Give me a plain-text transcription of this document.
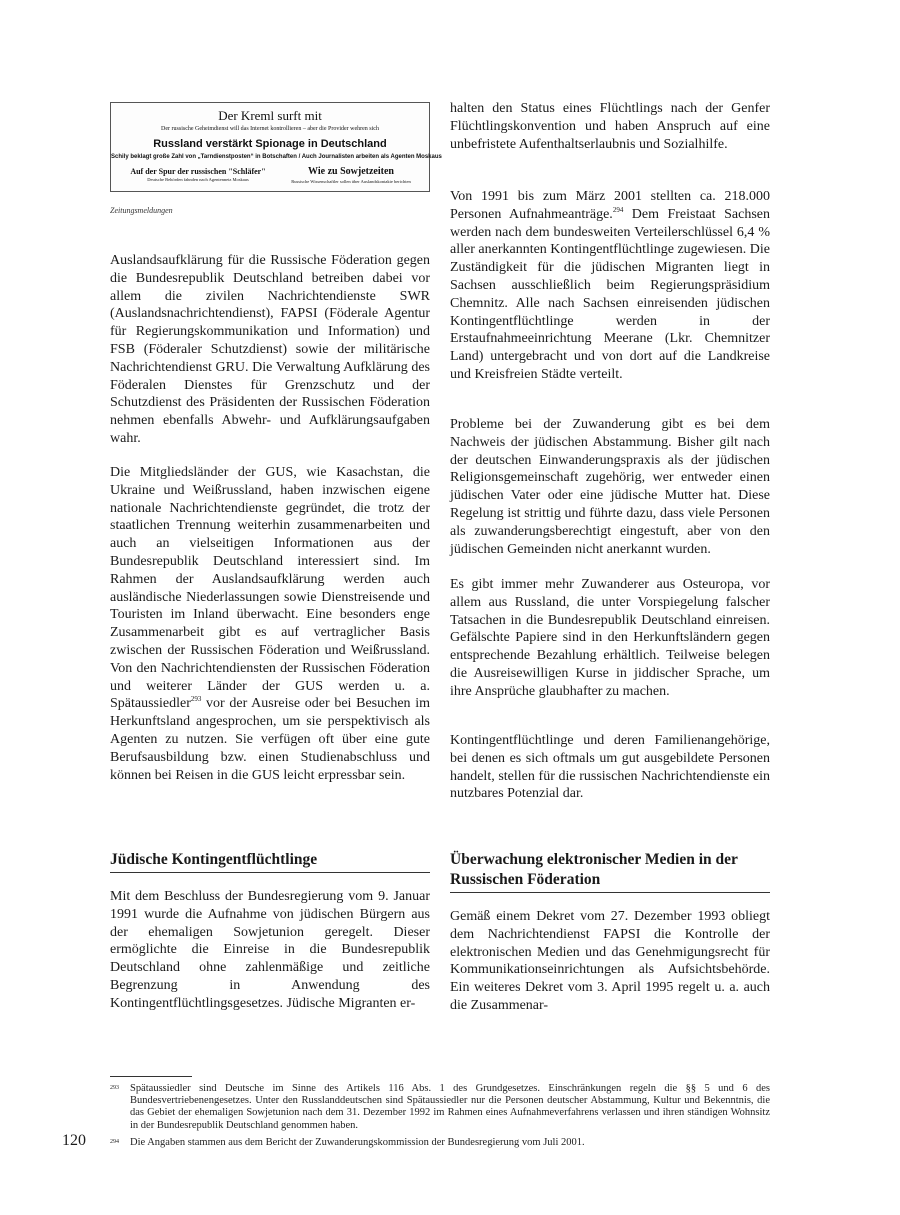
Der Kreml surft mit

Der russische Geheimdienst will das Internet kontrollieren – aber die Provider wehren sich

Russland verstärkt Spionage in Deutschland

Schily beklagt große Zahl von „Tarndienstposten“ in Botschaften / Auch Journalisten arbeiten als Agenten Moskaus

Auf der Spur der russischen "Schläfer"

Deutsche Behörden fahnden nach Agentennetz Moskaus

Wie zu Sowjetzeiten

Russische Wissenschaftler sollen über Auslandskontakte berichten

Zeitungsmeldungen

Auslandsaufklärung für die Russische Föderation gegen die Bundesrepublik Deutschland betreiben dabei vor allem die zivilen Nachrichtendienste SWR (Auslandsnachrichtendienst), FAPSI (Föderale Agentur für Regierungskommunikation und Information) und FSB (Föderaler Schutzdienst) sowie der militärische Nachrichtendienst GRU. Die Verwaltung Aufklärung des Föderalen Dienstes für Grenzschutz und der Schutzdienst des Präsidenten der Russischen Föderation nehmen ebenfalls Abwehr- und Aufklärungsaufgaben wahr.

Die Mitgliedsländer der GUS, wie Kasachstan, die Ukraine und Weißrussland, haben inzwischen eigene nationale Nachrichtendienste gegründet, die trotz der staatlichen Trennung weiterhin zusammenarbeiten und auch an vielseitigen Informationen aus der Bundesrepublik Deutschland interessiert sind. Im Rahmen der Auslandsaufklärung werden auch ausländische Niederlassungen sowie Dienstreisende und Touristen im Inland überwacht. Eine besonders enge Zusammenarbeit gibt es auf vertraglicher Basis zwischen der Russischen Föderation und Weißrussland. Von den Nachrichtendiensten der Russischen Föderation und weiterer Länder der GUS werden u. a. Spätaussiedler$^{293}$ vor der Ausreise oder bei Besuchen im Herkunftsland angesprochen, um sie perspektivisch als Agenten zu nutzen. Sie verfügen oft über eine gute Berufsausbildung bzw. einen Studienabschluss und können bei Reisen in die GUS leicht erpressbar sein.

Jüdische Kontingentflüchtlinge

Mit dem Beschluss der Bundesregierung vom 9. Januar 1991 wurde die Aufnahme von jüdischen Bürgern aus der ehemaligen Sowjetunion geregelt. Dieser ermöglichte die Einreise in die Bundesrepublik Deutschland ohne zahlenmäßige und zeitliche Begrenzung in Anwendung des Kontingentflüchtlingsgesetzes. Jüdische Migranten er-

halten den Status eines Flüchtlings nach der Genfer Flüchtlingskonvention und haben Anspruch auf eine unbefristete Aufenthaltserlaubnis und Sozialhilfe.

Von 1991 bis zum März 2001 stellten ca. 218.000 Personen Aufnahmeanträge.$^{294}$ Dem Freistaat Sachsen werden nach dem bundesweiten Verteilerschlüssel 6,4 % aller anerkannten Kontingentflüchtlinge zugewiesen. Die Zuständigkeit für die jüdischen Migranten liegt in Sachsen ausschließlich beim Regierungspräsidium Chemnitz. Alle nach Sachsen einreisenden jüdischen Kontingentflüchtlinge werden in der Erstaufnahmeeinrichtung Meerane (Lkr. Chemnitzer Land) untergebracht und von dort auf die Landkreise und Kreisfreien Städte verteilt.

Probleme bei der Zuwanderung gibt es bei dem Nachweis der jüdischen Abstammung. Bisher gilt nach der deutschen Einwanderungspraxis als der jüdischen Religionsgemeinschaft zugehörig, wer entweder einen jüdischen Vater oder eine jüdische Mutter hat. Diese Regelung ist strittig und führte dazu, dass viele Personen als zuwanderungsberechtigt eingestuft, aber von den jüdischen Gemeinden nicht anerkannt wurden.

Es gibt immer mehr Zuwanderer aus Osteuropa, vor allem aus Russland, die unter Vorspiegelung falscher Tatsachen in die Bundesrepublik Deutschland einreisen. Gefälschte Papiere sind in den Herkunftsländern gegen entsprechende Bezahlung erhältlich. Teilweise belegen die Ausreisewilligen Kurse in jiddischer Sprache, um ihre Ansprüche glaubhafter zu machen.

Kontingentflüchtlinge und deren Familienangehörige, bei denen es sich oftmals um gut ausgebildete Personen handelt, stellen für die russischen Nachrichtendienste ein nutzbares Potenzial dar.

Überwachung elektronischer Medien in der Russischen Föderation

Gemäß einem Dekret vom 27. Dezember 1993 obliegt dem Nachrichtendienst FAPSI die Kontrolle der elektronischen Medien und das Genehmigungsrecht für Kommunikationseinrichtungen als Aufsichtsbehörde. Ein weiteres Dekret vom 3. April 1995 regelt u. a. auch die Zusammenar-

293 Spätaussiedler sind Deutsche im Sinne des Artikels 116 Abs. 1 des Grundgesetzes. Einschränkungen regeln die §§ 5 und 6 des Bundesvertriebenengesetzes. Unter den Russlanddeutschen sind Spätaussiedler nur die Personen deutscher Abstammung, Kultur und Bekenntnis, die das Gebiet der ehemaligen Sowjetunion nach dem 31. Dezember 1992 im Rahmen eines Aufnahmeverfahrens verlassen und ihren ständigen Wohnsitz in der Bundesrepublik Deutschland genommen haben.
294 Die Angaben stammen aus dem Bericht der Zuwanderungskommission der Bundesregierung vom Juli 2001.

120
